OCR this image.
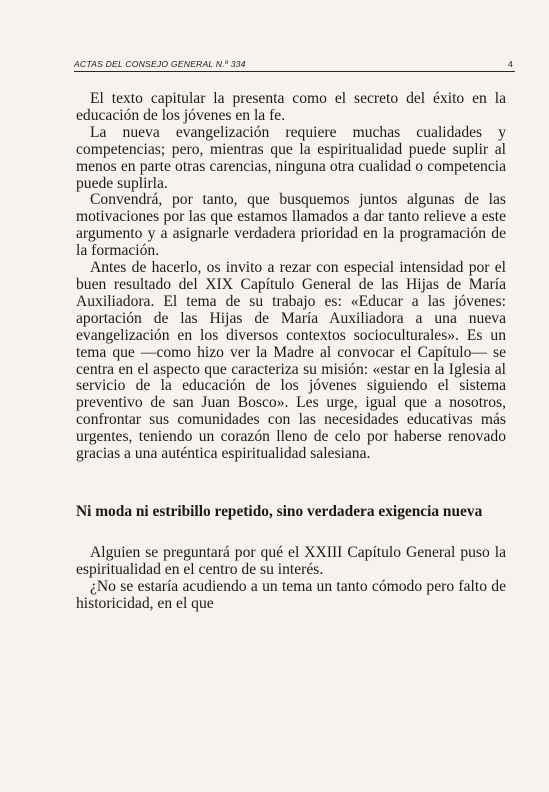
ACTAS DEL CONSEJO GENERAL N.º 334	4

El texto capitular la presenta como el secreto del éxito en la educación de los jóvenes en la fe.

La nueva evangelización requiere muchas cualidades y competencias; pero, mientras que la espiritualidad puede suplir al menos en parte otras carencias, ninguna otra cualidad o competencia puede suplirla.

Convendrá, por tanto, que busquemos juntos algunas de las motivaciones por las que estamos llamados a dar tanto relieve a este argumento y a asignarle verdadera prioridad en la programación de la formación.

Antes de hacerlo, os invito a rezar con especial intensidad por el buen resultado del XIX Capítulo General de las Hijas de María Auxiliadora. El tema de su trabajo es: «Educar a las jóvenes: aportación de las Hijas de María Auxiliadora a una nueva evangelización en los diversos contextos socioculturales». Es un tema que —como hizo ver la Madre al convocar el Capítulo— se centra en el aspecto que caracteriza su misión: «estar en la Iglesia al servicio de la educación de los jóvenes siguiendo el sistema preventivo de san Juan Bosco». Les urge, igual que a nosotros, confrontar sus comunidades con las necesidades educativas más urgentes, teniendo un corazón lleno de celo por haberse renovado gracias a una auténtica espiritualidad salesiana.

Ni moda ni estribillo repetido, sino verdadera exigencia nueva

Alguien se preguntará por qué el XXIII Capítulo General puso la espiritualidad en el centro de su interés.

¿No se estaría acudiendo a un tema un tanto cómodo pero falto de historicidad, en el que
